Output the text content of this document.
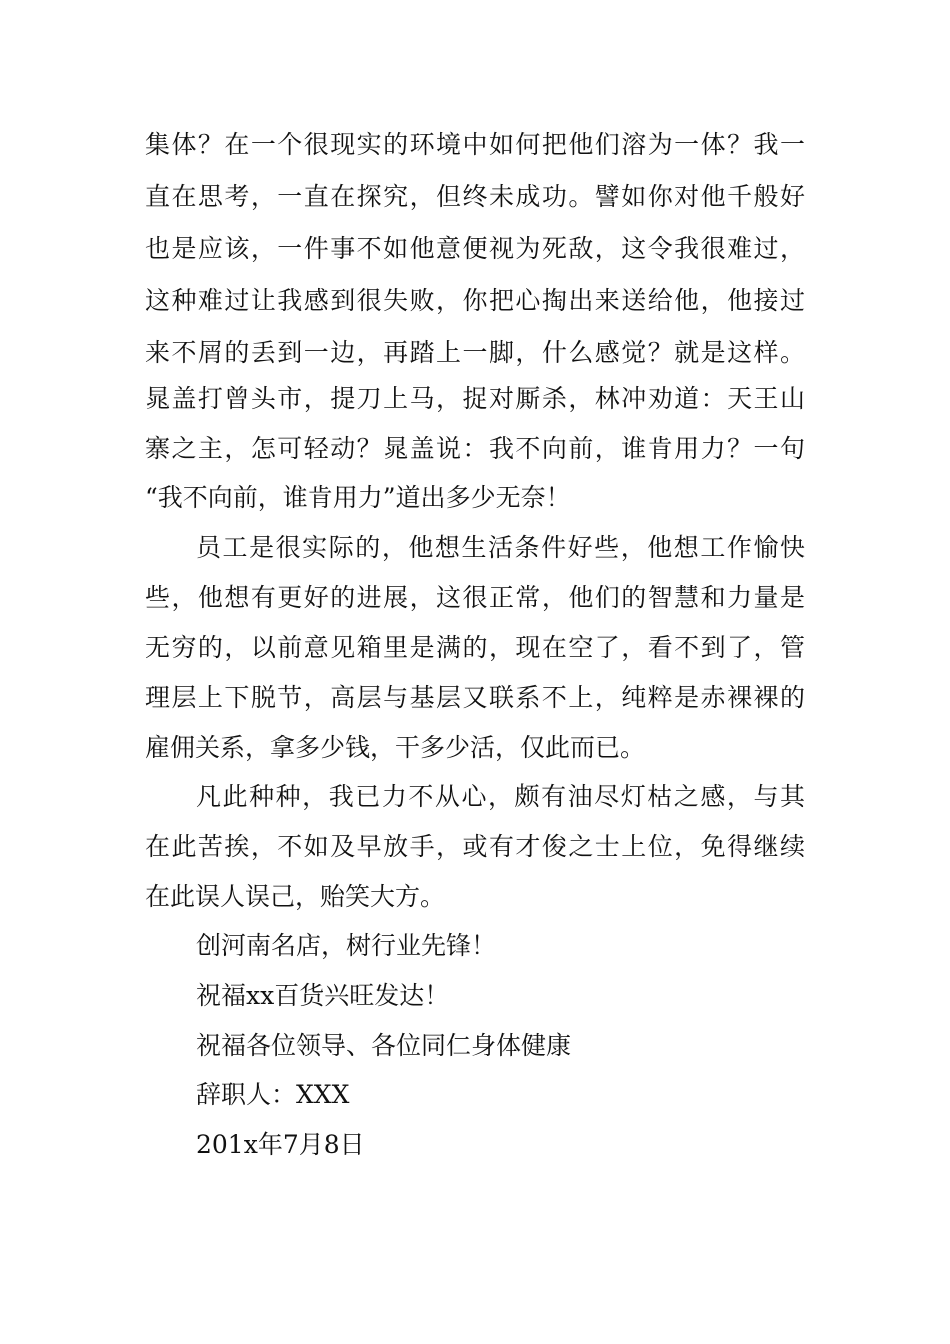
集体？在一个很现实的环境中如何把他们溶为一体？我一
直在思考，一直在探究，但终未成功。譬如你对他千般好
也是应该，一件事不如他意便视为死敌，这令我很难过，
这种难过让我感到很失败，你把心掏出来送给他，他接过
来不屑的丢到一边，再踏上一脚，什么感觉？就是这样。
晁盖打曾头市，提刀上马，捉对厮杀，林冲劝道：天王山
寨之主，怎可轻动？晁盖说：我不向前，谁肯用力？一句
“我不向前，谁肯用力”道出多少无奈！
员工是很实际的，他想生活条件好些，他想工作愉快
些，他想有更好的进展，这很正常，他们的智慧和力量是
无穷的，以前意见箱里是满的，现在空了，看不到了，管
理层上下脱节，高层与基层又联系不上，纯粹是赤裸裸的
雇佣关系，拿多少钱，干多少活，仅此而已。
凡此种种，我已力不从心，颇有油尽灯枯之感，与其
在此苦挨，不如及早放手，或有才俊之士上位，免得继续
在此误人误己，贻笑大方。
创河南名店，树行业先锋！
祝福xx百货兴旺发达！
祝福各位领导、各位同仁身体健康
辞职人：XXX
201x年7月8日
